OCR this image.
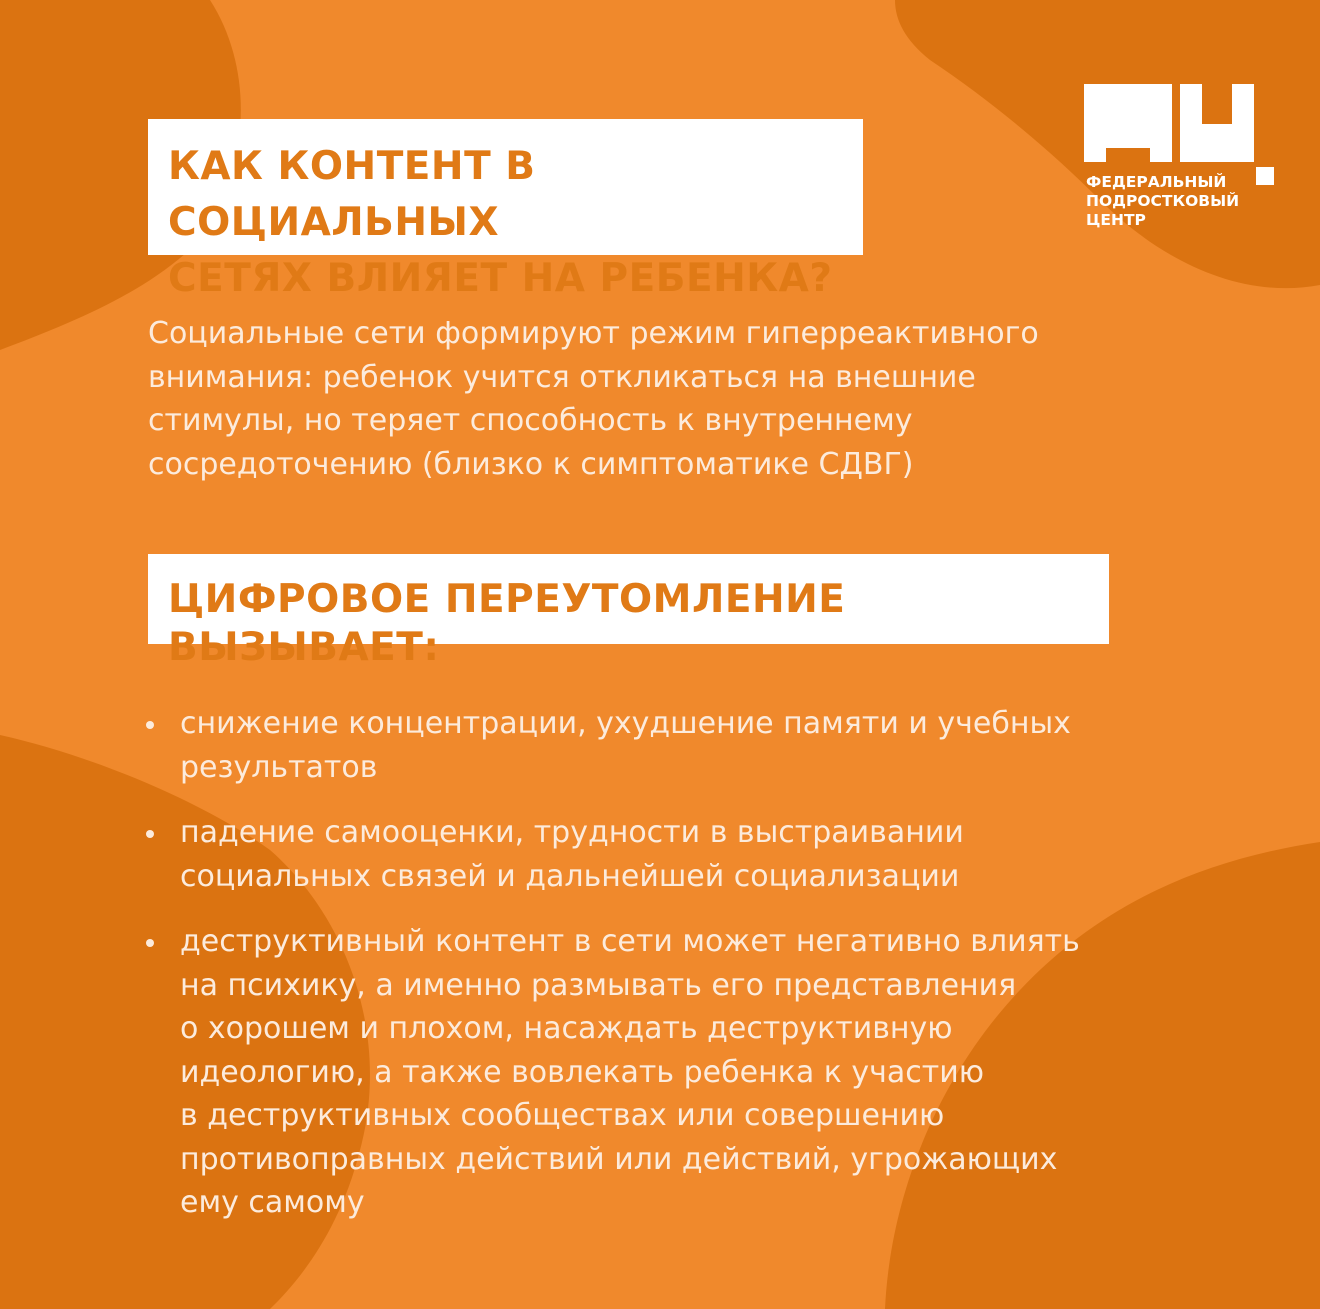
ФЕДЕРАЛЬНЫЙ
ПОДРОСТКОВЫЙ
ЦЕНТР
КАК КОНТЕНТ В СОЦИАЛЬНЫХ
СЕТЯХ ВЛИЯЕТ НА РЕБЕНКА?

Социальные сети формируют режим гиперреактивного
внимания: ребенок учится откликаться на внешние
стимулы, но теряет способность к внутреннему
сосредоточению (близко к симптоматике СДВГ)

ЦИФРОВОЕ ПЕРЕУТОМЛЕНИЕ ВЫЗЫВАЕТ:
снижение концентрации, ухудшение памяти и учебных
результатов
падение самооценки, трудности в выстраивании
социальных связей и дальнейшей социализации
деструктивный контент в сети может негативно влиять
на психику, а именно размывать его представления
о хорошем и плохом, насаждать деструктивную
идеологию, а также вовлекать ребенка к участию
в деструктивных сообществах или совершению
противоправных действий или действий, угрожающих
ему самому
